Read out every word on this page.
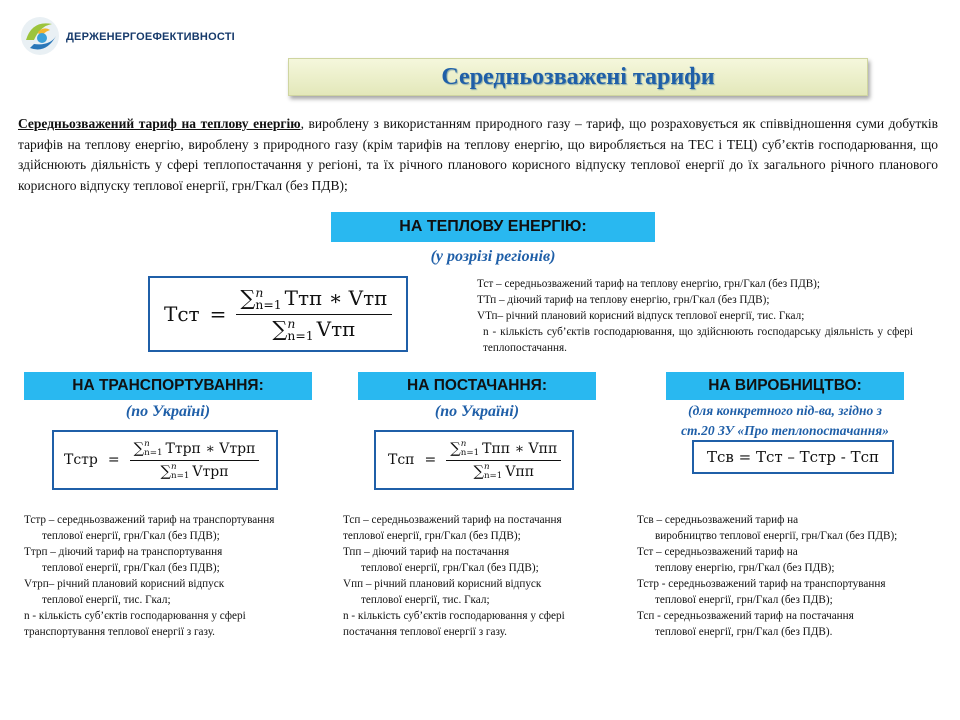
ДЕРЖЕНЕРГОЕФЕКТИВНОСТІ
Середньозважені тарифи

Середньозважений тариф на теплову енергію, вироблену з використанням природного газу – тариф, що розраховується як співвідношення суми добутків тарифів на теплову енергію, вироблену з природного газу (крім тарифів на теплову енергію, що виробляється на ТЕС і ТЕЦ) суб’єктів господарювання, що здійснюють діяльність у сфері теплопостачання у регіоні, та їх річного планового корисного відпуску теплової енергії до їх загального річного планового корисного відпуску теплової енергії, грн/Гкал (без ПДВ);

НА ТЕПЛОВУ ЕНЕРГІЮ:
(у розрізі регіонів)
Тст = ∑ n
n=1 Ттп ∗ Vтп
∑ n
n=1 Vтп

Тст – середньозважений тариф на теплову енергію, грн/Гкал (без ПДВ);

ТТп – діючий тариф на теплову енергію, грн/Гкал (без ПДВ);

VТп– річний плановий корисний відпуск теплової енергії, тис. Гкал;

n - кількість суб’єктів господарювання, що здійснюють господарську діяльність у сфері теплопостачання.

НА ТРАНСПОРТУВАННЯ:
(по Україні)
Тстр = ∑ n
n=1 Ттрп ∗ Vтрп
∑ n
n=1 Vтрп

Тстр – середньозважений тариф на транспортування

теплової енергії, грн/Гкал (без ПДВ);

Ттрп – діючий тариф на транспортування

теплової енергії, грн/Гкал (без ПДВ);

Vтрп– річний плановий корисний відпуск

теплової енергії, тис. Гкал;

n - кількість суб’єктів господарювання у сфері

транспортування теплової енергії з газу.

НА ПОСТАЧАННЯ:
(по Україні)
Тсп = ∑ n
n=1 Тпп ∗ Vпп
∑ n
n=1 Vпп

Тсп – середньозважений тариф на постачання

теплової енергії, грн/Гкал (без ПДВ);

Тпп – діючий тариф на постачання

теплової енергії, грн/Гкал (без ПДВ);

Vпп – річний плановий корисний відпуск

теплової енергії, тис. Гкал;

n - кількість суб’єктів господарювання у сфері

постачання теплової енергії з газу.

НА ВИРОБНИЦТВО:
(для конкретного під-ва, згідно з
ст.20 ЗУ «Про теплопостачання»
Тсв = Тст – Тстр - Тсп

Тсв – середньозважений тариф на

виробництво теплової енергії, грн/Гкал (без ПДВ);

Тст – середньозважений тариф на

теплову енергію, грн/Гкал (без ПДВ);

Тстр - середньозважений тариф на транспортування

теплової енергії, грн/Гкал (без ПДВ);

Тсп - середньозважений тариф на постачання

теплової енергії, грн/Гкал (без ПДВ).
